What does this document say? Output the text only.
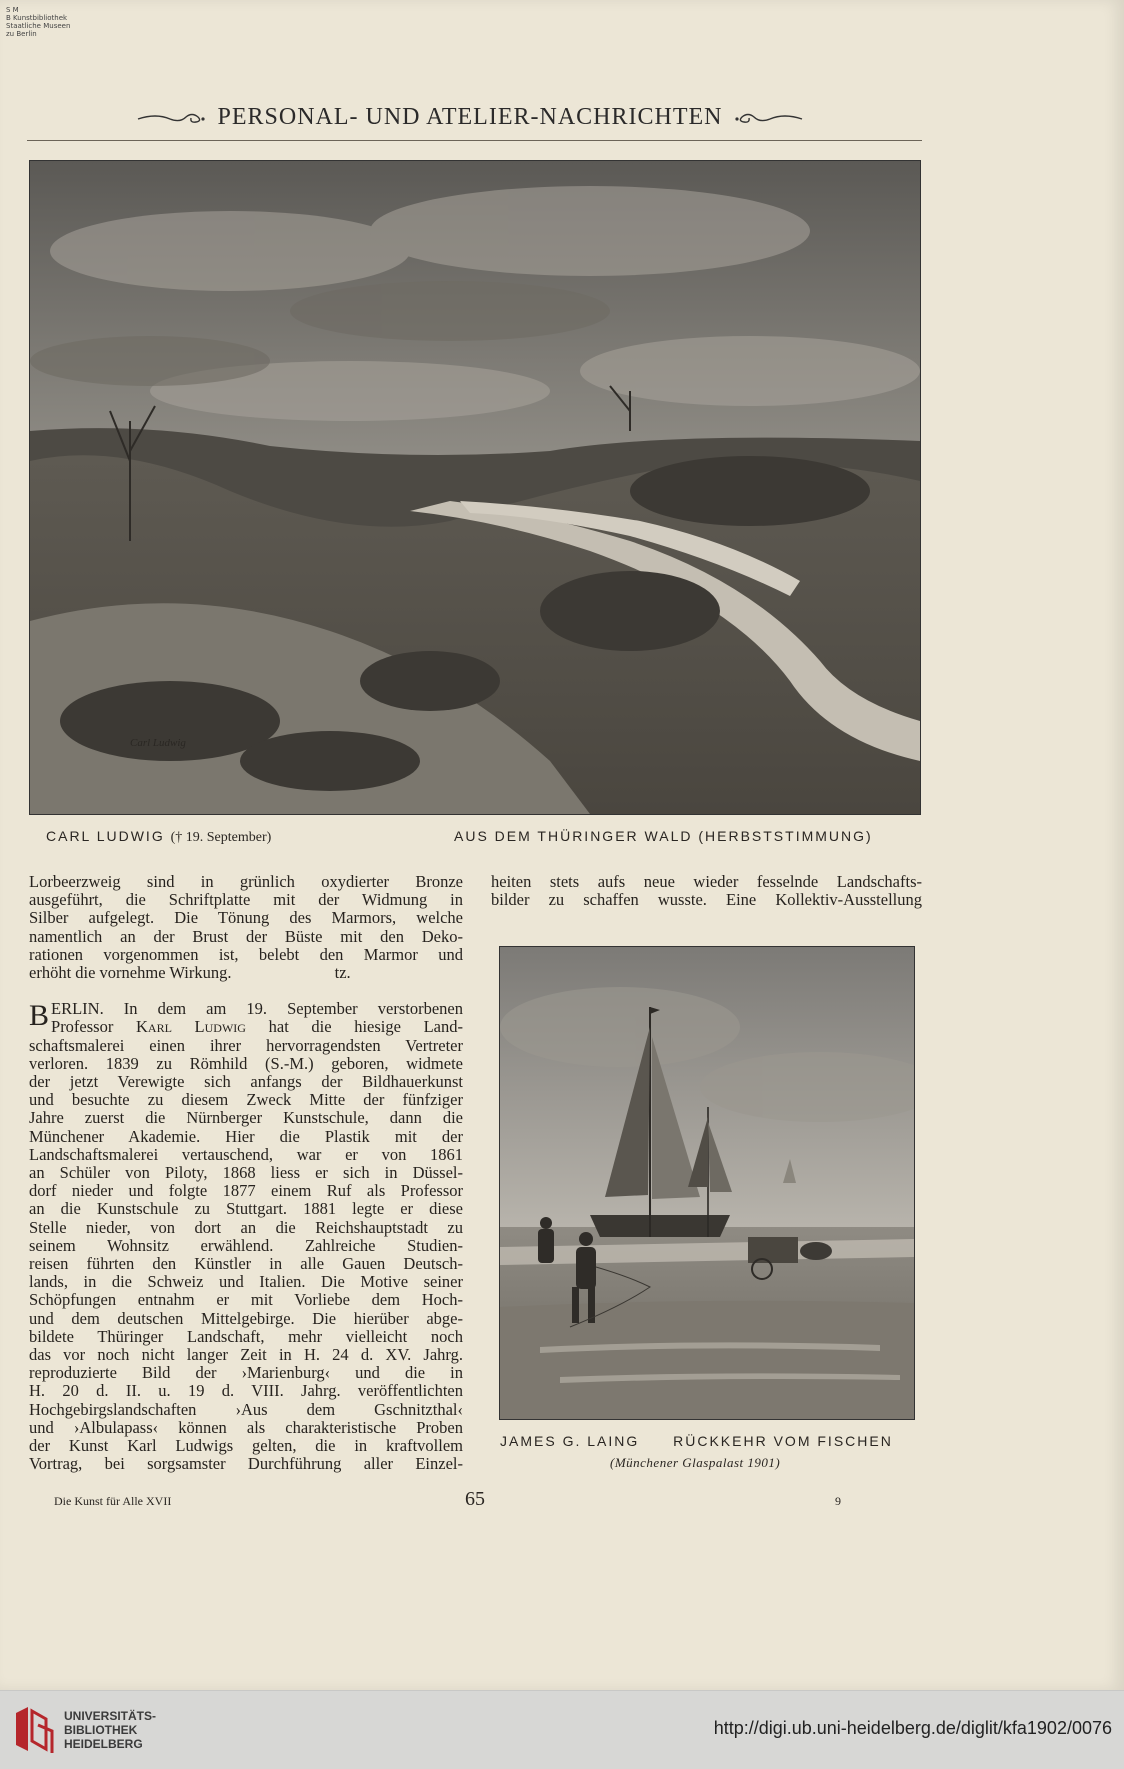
S M
B Kunstbibliothek
Staatliche Museen
zu Berlin
PERSONAL- UND ATELIER-NACHRICHTEN
Carl Ludwig
CARL LUDWIG († 19. September)	AUS DEM THÜRINGER WALD (HERBSTSTIMMUNG)

Lorbeerzweig sind in grünlich oxydierter Bronze
ausgeführt, die Schriftplatte mit der Widmung in
Silber aufgelegt. Die Tönung des Marmors, welche
namentlich an der Brust der Büste mit den Deko-
rationen vorgenommen ist, belebt den Marmor und
erhöht die vornehme Wirkung.                         tz.

B ERLIN. In dem am 19. September verstorbenen
Professor Karl Ludwig hat die hiesige Land-
schaftsmalerei einen ihrer hervorragendsten Vertreter
verloren. 1839 zu Römhild (S.-M.) geboren, widmete
der jetzt Verewigte sich anfangs der Bildhauerkunst
und besuchte zu diesem Zweck Mitte der fünfziger
Jahre zuerst die Nürnberger Kunstschule, dann die
Münchener Akademie. Hier die Plastik mit der
Landschaftsmalerei vertauschend, war er von 1861
an Schüler von Piloty, 1868 liess er sich in Düssel-
dorf nieder und folgte 1877 einem Ruf als Professor
an die Kunstschule zu Stuttgart. 1881 legte er diese
Stelle nieder, von dort an die Reichshauptstadt zu
seinem Wohnsitz erwählend. Zahlreiche Studien-
reisen führten den Künstler in alle Gauen Deutsch-
lands, in die Schweiz und Italien. Die Motive seiner
Schöpfungen entnahm er mit Vorliebe dem Hoch-
und dem deutschen Mittelgebirge. Die hierüber abge-
bildete Thüringer Landschaft, mehr vielleicht noch
das vor noch nicht langer Zeit in H. 24 d. XV. Jahrg.
reproduzierte Bild der ›Marienburg‹ und die in
H. 20 d. II. u. 19 d. VIII. Jahrg. veröffentlichten
Hochgebirgslandschaften ›Aus dem Gschnitzthal‹
und ›Albulapass‹ können als charakteristische Proben
der Kunst Karl Ludwigs gelten, die in kraftvollem
Vortrag, bei sorgsamster Durchführung aller Einzel-

heiten stets aufs neue wieder fesselnde Landschafts-
bilder zu schaffen wusste. Eine Kollektiv-Ausstellung
JAMES G. LAING RÜCKKEHR VOM FISCHEN
(Münchener Glaspalast 1901)
Die Kunst für Alle XVII	65	9
UNIVERSITÄTS-
BIBLIOTHEK
HEIDELBERG
http://digi.ub.uni-heidelberg.de/diglit/kfa1902/0076
